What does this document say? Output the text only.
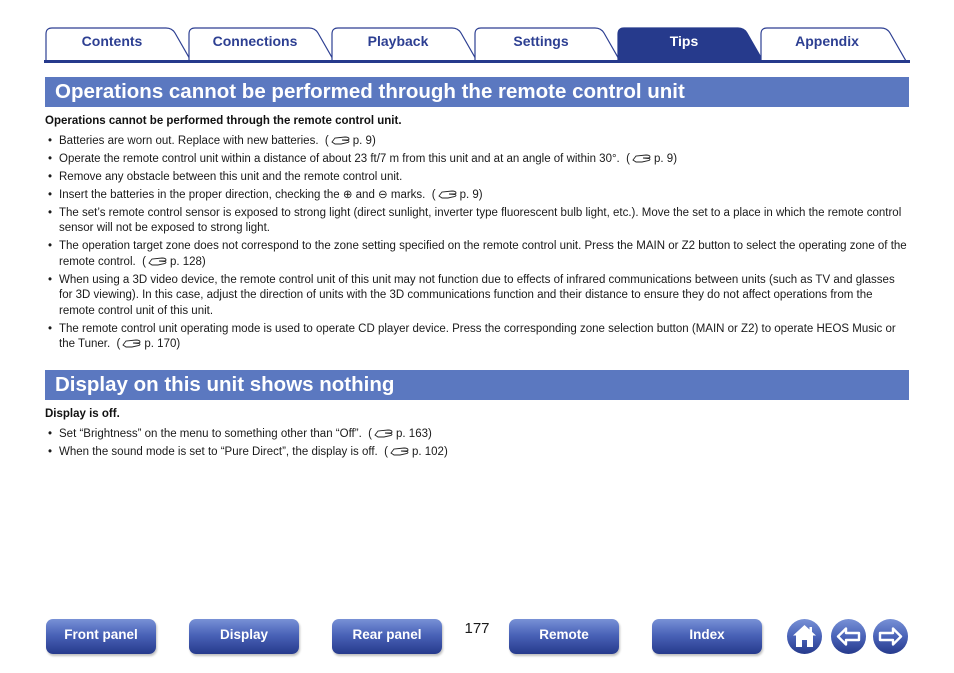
Contents	Connections	Playback	Settings	Tips	Appendix
Operations cannot be performed through the remote control unit
Operations cannot be performed through the remote control unit.
• Batteries are worn out. Replace with new batteries.  ( p. 9)
• Operate the remote control unit within a distance of about 23 ft/7 m from this unit and at an angle of within 30°.  ( p. 9)
• Remove any obstacle between this unit and the remote control unit.
• Insert the batteries in the proper direction, checking the ⊕ and ⊖ marks.  ( p. 9)
• The set’s remote control sensor is exposed to strong light (direct sunlight, inverter type fluorescent bulb light, etc.). Move the set to a place in which the remote control sensor will not be exposed to strong light.
• The operation target zone does not correspond to the zone setting specified on the remote control unit. Press the MAIN or Z2 button to select the operating zone of the remote control.  ( p. 128)
• When using a 3D video device, the remote control unit of this unit may not function due to effects of infrared communications between units (such as TV and glasses for 3D viewing). In this case, adjust the direction of units with the 3D communications function and their distance to ensure they do not affect operations from the remote control unit of this unit.
• The remote control unit operating mode is used to operate CD player device. Press the corresponding zone selection button (MAIN or Z2) to operate HEOS Music or the Tuner.  ( p. 170)
Display on this unit shows nothing
Display is off.
• Set “Brightness” on the menu to something other than “Off”.  ( p. 163)
• When the sound mode is set to “Pure Direct”, the display is off.  ( p. 102)
Front panel	Display	Rear panel	177	Remote	Index
